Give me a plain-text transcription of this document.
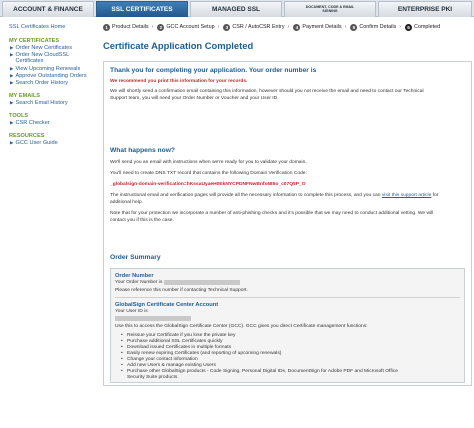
ACCOUNT & FINANCE	SSL CERTIFICATES	MANAGED SSL	DOCUMENT, CODE & EMAIL SIGNING	ENTERPRISE PKI
SSL Certificates Home
MY CERTIFICATES
▶ Order New Certificates
▶ Order New CloudSSL Certificates
▶ View Upcoming Renewals
▶ Approve Outstanding Orders
▶ Search Order History
MY EMAILS
▶ Search Email History
TOOLS
▶ CSR Checker
RESOURCES
▶ GCC User Guide
1 Product Details ›	2 GCC Account Setup ›	3 CSR / AutoCSR Entry ›	4 Payment Details ›	5 Confirm Details ›	6 Completed
Certificate Application Completed
Thank you for completing your application. Your order number is
We recommend you print this information for your records.
We will shortly send a confirmation email containing this information, however should you not receive the email and need to contact our Technical Support team, you will need your Order Number or Voucher and your User ID.
What happens now?
We'll send you an email with instructions when we're ready for you to validate your domain.
You'll need to create DNS TXT record that contains the following Domain Verification Code:
_globalsign-domain-verification=hKssaUyaeH0EkNYCPDNFNwBnfx685o_c07Q5P_O
The instructional email and verification pages will provide all the necessary information to complete this process, and you can visit this support article for additional help.
Note that for your protection we incorporate a number of anti-phishing checks and it's possible that we may need to conduct additional vetting. We will contact you if this is the case.
Order Summary
Order Number
Your Order Number is
Please reference this number if contacting Technical Support.
GlobalSign Certificate Center Account
Your User ID is
Use this to access the GlobalSign Certificate Center (GCC). GCC gives you direct Certificate management functions:
• Reissue your Certificate if you lose the private key
• Purchase additional SSL Certificates quickly
• Download issued Certificates in multiple formats
• Easily renew expiring Certificates (and reporting of upcoming renewals)
• Change your contact information
• Add new Users & manage existing Users
• Purchase other GlobalSign products - Code Signing, Personal Digital IDs, DocumentSign for Adobe PDF and Microsoft Office
Security Suite products
